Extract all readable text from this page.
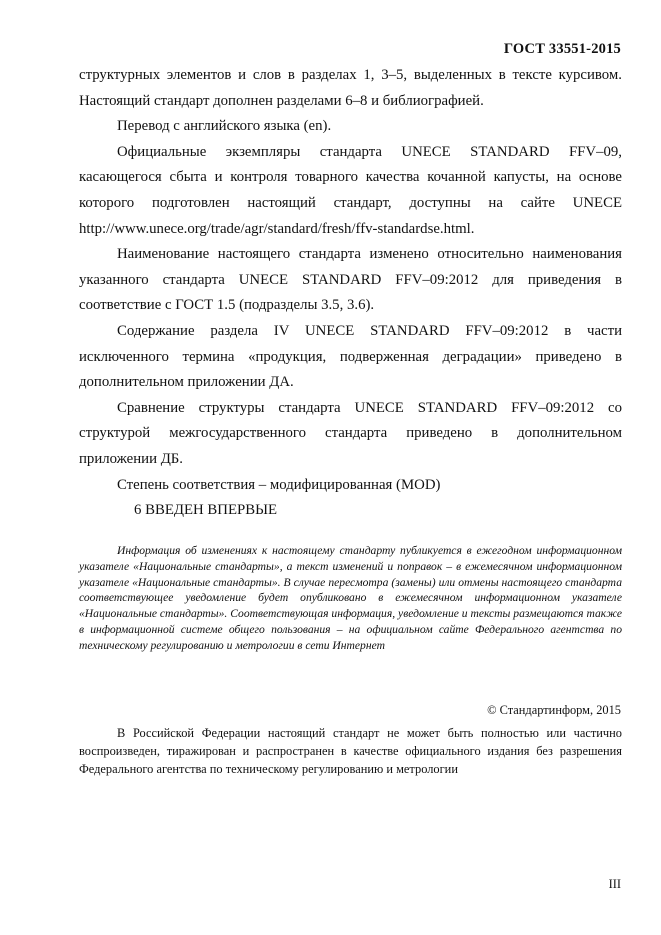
ГОСТ 33551-2015

структурных элементов и слов в разделах 1, 3–5, выделенных в тексте курсивом. Настоящий стандарт дополнен разделами 6–8 и библиографией.

Перевод с английского языка (en).

Официальные экземпляры стандарта UNECE STANDARD FFV–09, касающегося сбыта и контроля товарного качества кочанной капусты, на основе которого подготовлен настоящий стандарт, доступны на сайте UNECE http://www.unece.org/trade/agr/standard/fresh/ffv-standardse.html.

Наименование настоящего стандарта изменено относительно наименования указанного стандарта UNECE STANDARD FFV–09:2012 для приведения в соответствие с ГОСТ 1.5 (подразделы 3.5, 3.6).

Содержание раздела IV UNECE STANDARD FFV–09:2012 в части исключенного термина «продукция, подверженная деградации» приведено в дополнительном приложении ДА.

Сравнение структуры стандарта UNECE STANDARD FFV–09:2012 со структурой межгосударственного стандарта приведено в дополнительном приложении ДБ.

Степень соответствия – модифицированная (MOD)

6 ВВЕДЕН ВПЕРВЫЕ

Информация об изменениях к настоящему стандарту публикуется в ежегодном информационном указателе «Национальные стандарты», а текст изменений и поправок – в ежемесячном информационном указателе «Национальные стандарты». В случае пересмотра (замены) или отмены настоящего стандарта соответствующее уведомление будет опубликовано в ежемесячном информационном указателе «Национальные стандарты». Соответствующая информация, уведомление и тексты размещаются также в информационной системе общего пользования – на официальном сайте Федерального агентства по техническому регулированию и метрологии в сети Интернет
© Стандартинформ, 2015
В Российской Федерации настоящий стандарт не может быть полностью или частично воспроизведен, тиражирован и распространен в качестве официального издания без разрешения Федерального агентства по техническому регулированию и метрологии
III
